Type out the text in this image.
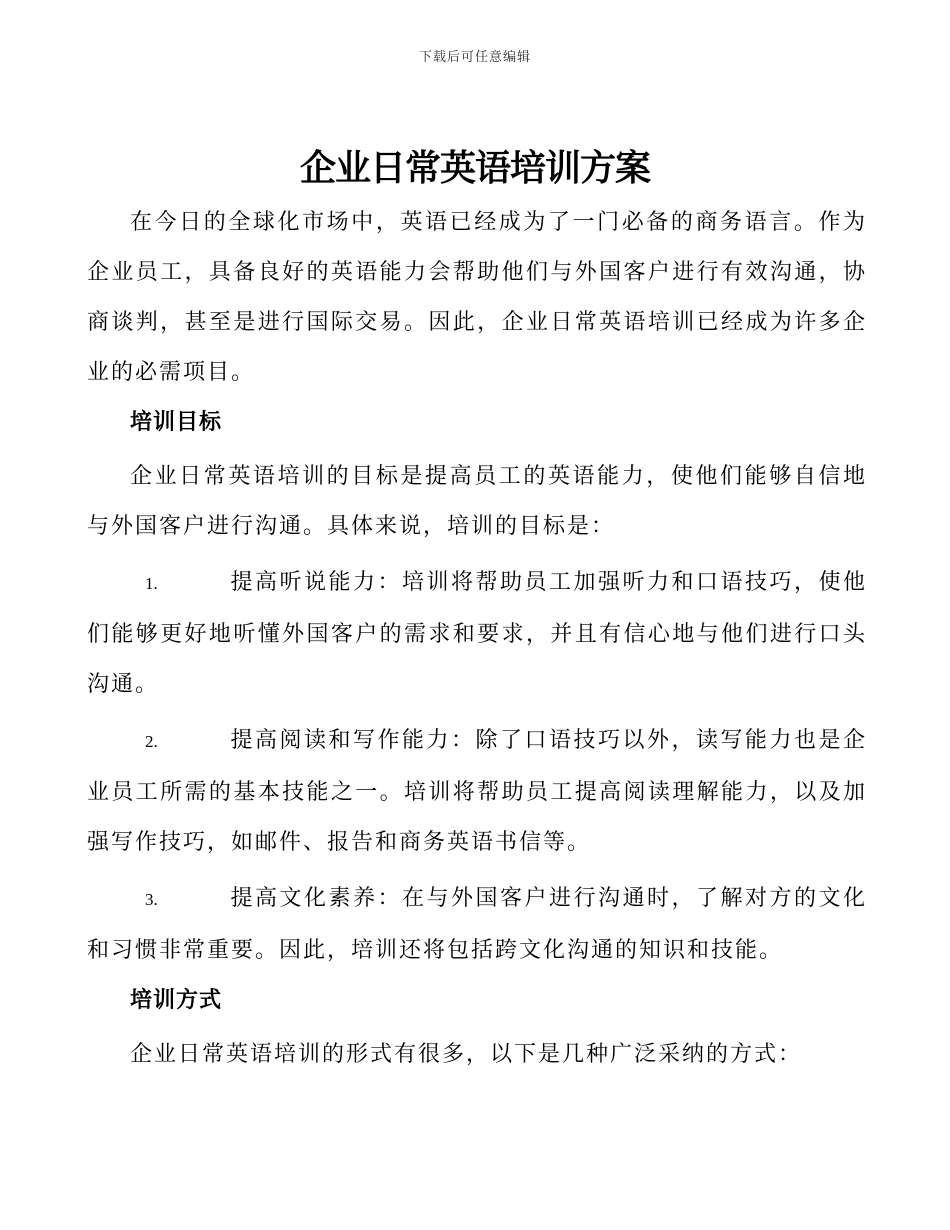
下载后可任意编辑
企业日常英语培训方案

在今日的全球化市场中，英语已经成为了一门必备的商务语言。作为企业员工，具备良好的英语能力会帮助他们与外国客户进行有效沟通，协商谈判，甚至是进行国际交易。因此，企业日常英语培训已经成为许多企业的必需项目。

培训目标

企业日常英语培训的目标是提高员工的英语能力，使他们能够自信地与外国客户进行沟通。具体来说，培训的目标是：

1.	提高听说能力：培训将帮助员工加强听力和口语技巧，使他们能够更好地听懂外国客户的需求和要求，并且有信心地与他们进行口头沟通。

2.	提高阅读和写作能力：除了口语技巧以外，读写能力也是企业员工所需的基本技能之一。培训将帮助员工提高阅读理解能力，以及加强写作技巧，如邮件、报告和商务英语书信等。

3.	提高文化素养：在与外国客户进行沟通时，了解对方的文化和习惯非常重要。因此，培训还将包括跨文化沟通的知识和技能。

培训方式

企业日常英语培训的形式有很多，以下是几种广泛采纳的方式：
